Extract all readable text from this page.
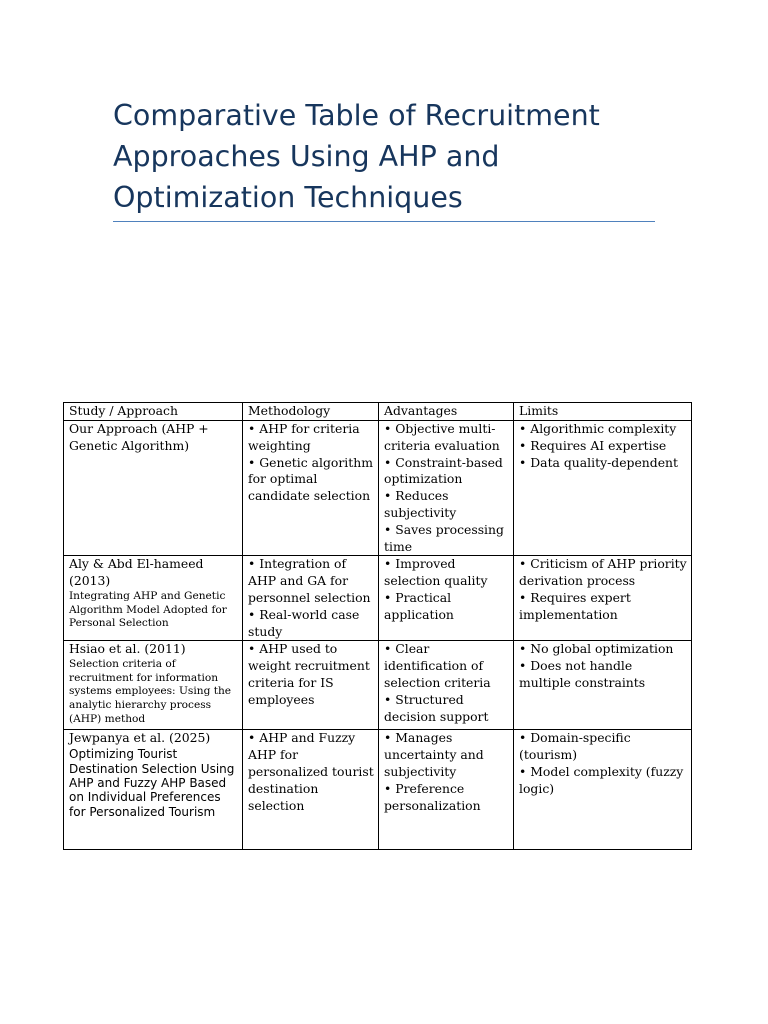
Comparative Table of Recruitment Approaches Using AHP and Optimization Techniques
Study / Approach	Methodology	Advantages	Limits

Our Approach (AHP + Genetic Algorithm)	• AHP for criteria weighting
• Genetic algorithm for optimal candidate selection	• Objective multi-criteria evaluation
• Constraint-based optimization
• Reduces subjectivity
• Saves processing time	• Algorithmic complexity
• Requires AI expertise
• Data quality-dependent

Aly & Abd El-hameed (2013)
Integrating AHP and Genetic Algorithm Model Adopted for Personal Selection	• Integration of AHP and GA for personnel selection
• Real-world case study	• Improved selection quality
• Practical application	• Criticism of AHP priority derivation process
• Requires expert implementation

Hsiao et al. (2011)
Selection criteria of recruitment for information systems employees: Using the analytic hierarchy process (AHP) method	• AHP used to weight recruitment criteria for IS employees	• Clear identification of selection criteria
• Structured decision support	• No global optimization
• Does not handle multiple constraints

Jewpanya et al. (2025)
Optimizing Tourist Destination Selection Using AHP and Fuzzy AHP Based on Individual Preferences for Personalized Tourism	• AHP and Fuzzy AHP for personalized tourist destination selection	• Manages uncertainty and subjectivity
• Preference personalization	• Domain-specific (tourism)
• Model complexity (fuzzy logic)
